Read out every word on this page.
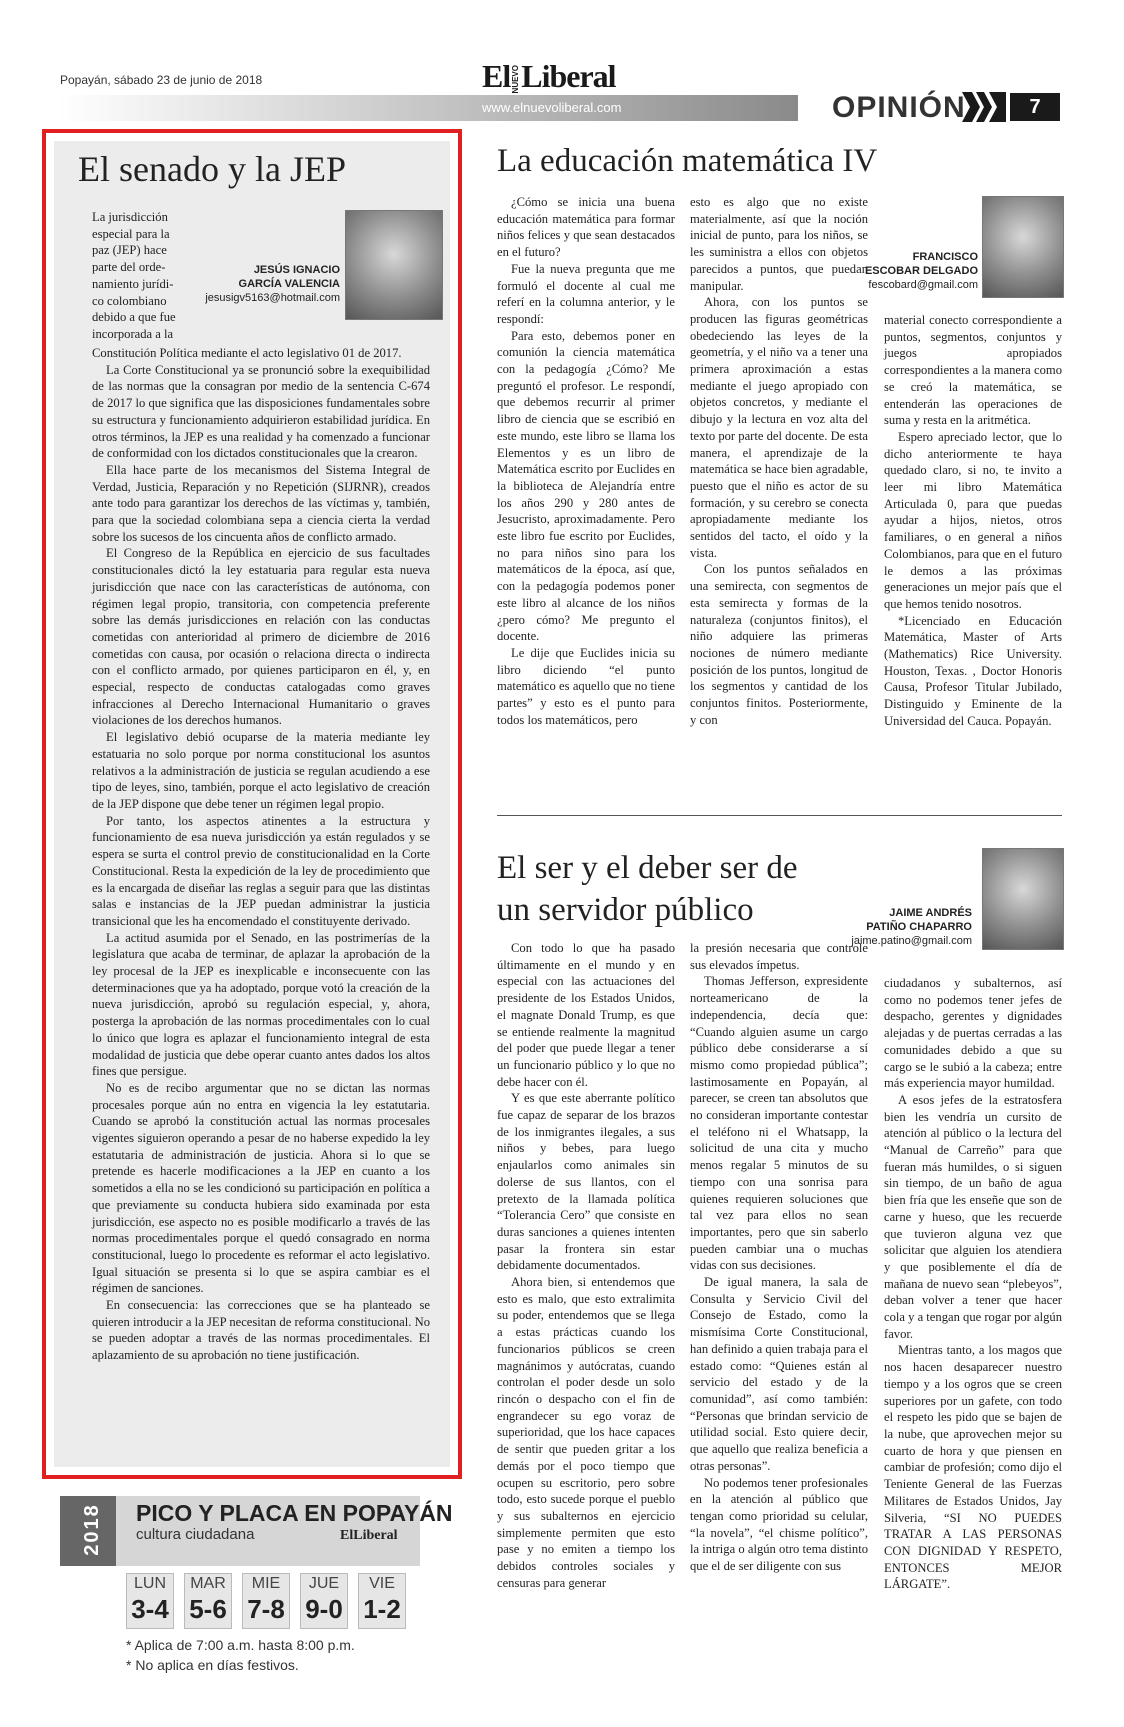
Popayán, sábado 23 de junio de 2018	ElNUEVOLiberal
www.elnuevoliberal.com	OPINIÓN	7
El senado y la JEP
La jurisdicción
especial para la
paz (JEP) hace
parte del orde-
namiento jurídi-
co colombiano
debido a que fue
incorporada a la
JESÚS IGNACIO
GARCÍA VALENCIA
jesusigv5163@hotmail.com

Constitución Política mediante el acto legislativo 01 de 2017.

La Corte Constitucional ya se pronunció sobre la exequibilidad de las normas que la consagran por medio de la sentencia C-674 de 2017 lo que significa que las disposiciones fundamentales sobre su estructura y funcionamiento adquirieron estabilidad jurídica. En otros términos, la JEP es una realidad y ha comenzado a funcionar de conformidad con los dictados constitucionales que la crearon.

Ella hace parte de los mecanismos del Sistema Integral de Verdad, Justicia, Reparación y no Repetición (SIJRNR), creados ante todo para garantizar los derechos de las víctimas y, también, para que la sociedad colombiana sepa a ciencia cierta la verdad sobre los sucesos de los cincuenta años de conflicto armado.

El Congreso de la República en ejercicio de sus facultades constitucionales dictó la ley estatuaria para regular esta nueva jurisdicción que nace con las características de autónoma, con régimen legal propio, transitoria, con competencia preferente sobre las demás jurisdicciones en relación con las conductas cometidas con anterioridad al primero de diciembre de 2016 cometidas con causa, por ocasión o relaciona directa o indirecta con el conflicto armado, por quienes participaron en él, y, en especial, respecto de conductas catalogadas como graves infracciones al Derecho Internacional Humanitario o graves violaciones de los derechos humanos.

El legislativo debió ocuparse de la materia mediante ley estatuaria no solo porque por norma constitucional los asuntos relativos a la administración de justicia se regulan acudiendo a ese tipo de leyes, sino, también, porque el acto legislativo de creación de la JEP dispone que debe tener un régimen legal propio.

Por tanto, los aspectos atinentes a la estructura y funcionamiento de esa nueva jurisdicción ya están regulados y se espera se surta el control previo de constitucionalidad en la Corte Constitucional. Resta la expedición de la ley de procedimiento que es la encargada de diseñar las reglas a seguir para que las distintas salas e instancias de la JEP puedan administrar la justicia transicional que les ha encomendado el constituyente derivado.

La actitud asumida por el Senado, en las postrimerías de la legislatura que acaba de terminar, de aplazar la aprobación de la ley procesal de la JEP es inexplicable e inconsecuente con las determinaciones que ya ha adoptado, porque votó la creación de la nueva jurisdicción, aprobó su regulación especial, y, ahora, posterga la aprobación de las normas procedimentales con lo cual lo único que logra es aplazar el funcionamiento integral de esta modalidad de justicia que debe operar cuanto antes dados los altos fines que persigue.

No es de recibo argumentar que no se dictan las normas procesales porque aún no entra en vigencia la ley estatutaria. Cuando se aprobó la constitución actual las normas procesales vigentes siguieron operando a pesar de no haberse expedido la ley estatutaria de administración de justicia. Ahora si lo que se pretende es hacerle modificaciones a la JEP en cuanto a los sometidos a ella no se les condicionó su participación en política a que previamente su conducta hubiera sido examinada por esta jurisdicción, ese aspecto no es posible modificarlo a través de las normas procedimentales porque el quedó consagrado en norma constitucional, luego lo procedente es reformar el acto legislativo. Igual situación se presenta si lo que se aspira cambiar es el régimen de sanciones.

En consecuencia: las correcciones que se ha planteado se quieren introducir a la JEP necesitan de reforma constitucional. No se pueden adoptar a través de las normas procedimentales. El aplazamiento de su aprobación no tiene justificación.

La educación matemática IV

¿Cómo se inicia una buena educación matemática para formar niños felices y que sean destacados en el futuro?

Fue la nueva pregunta que me formuló el docente al cual me referí en la columna anterior, y le respondí:

Para esto, debemos poner en comunión la ciencia matemática con la pedagogía ¿Cómo? Me preguntó el profesor. Le respondí, que debemos recurrir al primer libro de ciencia que se escribió en este mundo, este libro se llama los Elementos y es un libro de Matemática escrito por Euclides en la biblioteca de Alejandría entre los años 290 y 280 antes de Jesucristo, aproximadamente. Pero este libro fue escrito por Euclides, no para niños sino para los matemáticos de la época, así que, con la pedagogía podemos poner este libro al alcance de los niños ¿pero cómo? Me pregunto el docente.

Le dije que Euclides inicia su libro diciendo “el punto matemático es aquello que no tiene partes” y esto es el punto para todos los matemáticos, pero

esto es algo que no existe materialmente, así que la noción inicial de punto, para los niños, se les suministra a ellos con objetos parecidos a puntos, que puedan manipular.

Ahora, con los puntos se producen las figuras geométricas obedeciendo las leyes de la geometría, y el niño va a tener una primera aproximación a estas mediante el juego apropiado con objetos concretos, y mediante el dibujo y la lectura en voz alta del texto por parte del docente. De esta manera, el aprendizaje de la matemática se hace bien agradable, puesto que el niño es actor de su formación, y su cerebro se conecta apropiadamente mediante los sentidos del tacto, el oído y la vista.

Con los puntos señalados en una semirecta, con segmentos de esta semirecta y formas de la naturaleza (conjuntos finitos), el niño adquiere las primeras nociones de número mediante posición de los puntos, longitud de los segmentos y cantidad de los conjuntos finitos. Posteriormente, y con

FRANCISCO
ESCOBAR DELGADO
fescobard@gmail.com

material conecto correspondiente a puntos, segmentos, conjuntos y juegos apropiados correspondientes a la manera como se creó la matemática, se entenderán las operaciones de suma y resta en la aritmética.

Espero apreciado lector, que lo dicho anteriormente te haya quedado claro, si no, te invito a leer mi libro Matemática Articulada 0, para que puedas ayudar a hijos, nietos, otros familiares, o en general a niños Colombianos, para que en el futuro le demos a las próximas generaciones un mejor país que el que hemos tenido nosotros.

*Licenciado en Educación Matemática, Master of Arts (Mathematics) Rice University. Houston, Texas. , Doctor Honoris Causa, Profesor Titular Jubilado, Distinguido y Eminente de la Universidad del Cauca. Popayán.

El ser y el deber ser de
un servidor público	JAIME ANDRÉS
PATIÑO CHAPARRO
jaime.patino@gmail.com

Con todo lo que ha pasado últimamente en el mundo y en especial con las actuaciones del presidente de los Estados Unidos, el magnate Donald Trump, es que se entiende realmente la magnitud del poder que puede llegar a tener un funcionario público y lo que no debe hacer con él.

Y es que este aberrante político fue capaz de separar de los brazos de los inmigrantes ilegales, a sus niños y bebes, para luego enjaularlos como animales sin dolerse de sus llantos, con el pretexto de la llamada política “Tolerancia Cero” que consiste en duras sanciones a quienes intenten pasar la frontera sin estar debidamente documentados.

Ahora bien, si entendemos que esto es malo, que esto extralimita su poder, entendemos que se llega a estas prácticas cuando los funcionarios públicos se creen magnánimos y autócratas, cuando controlan el poder desde un solo rincón o despacho con el fin de engrandecer su ego voraz de superioridad, que los hace capaces de sentir que pueden gritar a los demás por el poco tiempo que ocupen su escritorio, pero sobre todo, esto sucede porque el pueblo y sus subalternos en ejercicio simplemente permiten que esto pase y no emiten a tiempo los debidos controles sociales y censuras para generar

la presión necesaria que controle sus elevados ímpetus.

Thomas Jefferson, expresidente norteamericano de la independencia, decía que: “Cuando alguien asume un cargo público debe considerarse a sí mismo como propiedad pública”; lastimosamente en Popayán, al parecer, se creen tan absolutos que no consideran importante contestar el teléfono ni el Whatsapp, la solicitud de una cita y mucho menos regalar 5 minutos de su tiempo con una sonrisa para quienes requieren soluciones que tal vez para ellos no sean importantes, pero que sin saberlo pueden cambiar una o muchas vidas con sus decisiones.

De igual manera, la sala de Consulta y Servicio Civil del Consejo de Estado, como la mismísima Corte Constitucional, han definido a quien trabaja para el estado como: “Quienes están al servicio del estado y de la comunidad”, así como también: “Personas que brindan servicio de utilidad social. Esto quiere decir, que aquello que realiza beneficia a otras personas”.

No podemos tener profesionales en la atención al público que tengan como prioridad su celular, “la novela”, “el chisme político”, la intriga o algún otro tema distinto que el de ser diligente con sus

ciudadanos y subalternos, así como no podemos tener jefes de despacho, gerentes y dignidades alejadas y de puertas cerradas a las comunidades debido a que su cargo se le subió a la cabeza; entre más experiencia mayor humildad.

A esos jefes de la estratosfera bien les vendría un cursito de atención al público o la lectura del “Manual de Carreño” para que fueran más humildes, o si siguen sin tiempo, de un baño de agua bien fría que les enseñe que son de carne y hueso, que les recuerde que tuvieron alguna vez que solicitar que alguien los atendiera y que posiblemente el día de mañana de nuevo sean “plebeyos”, deban volver a tener que hacer cola y a tengan que rogar por algún favor.

Mientras tanto, a los magos que nos hacen desaparecer nuestro tiempo y a los ogros que se creen superiores por un gafete, con todo el respeto les pido que se bajen de la nube, que aprovechen mejor su cuarto de hora y que piensen en cambiar de profesión; como dijo el Teniente General de las Fuerzas Militares de Estados Unidos, Jay Silveria, “SI NO PUEDES TRATAR A LAS PERSONAS CON DIGNIDAD Y RESPETO, ENTONCES MEJOR LÁRGATE”.

2018 PICO Y PLACA EN POPAYÁN
cultura ciudadana	ElLiberal
LUN
3-4
MAR
5-6
MIE
7-8
JUE
9-0
VIE
1-2
* Aplica de 7:00 a.m. hasta 8:00 p.m.
* No aplica en días festivos.
